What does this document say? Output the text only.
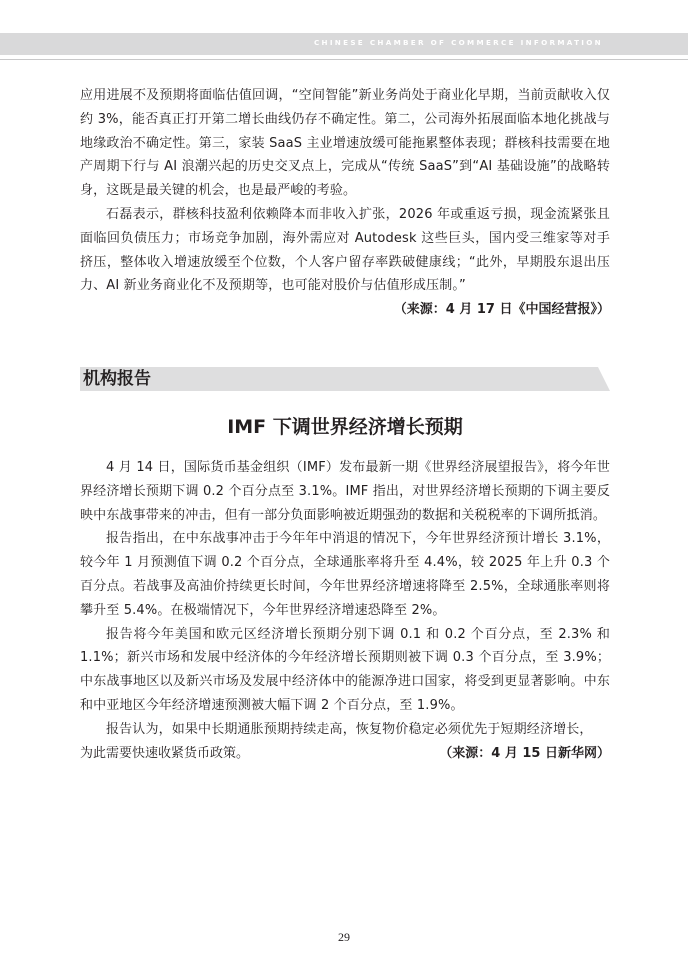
CHINESE CHAMBER OF COMMERCE INFORMATION

应用进展不及预期将面临估值回调，“空间智能”新业务尚处于商业化早期，当前贡献收入仅约 3%，能否真正打开第二增长曲线仍存不确定性。第二，公司海外拓展面临本地化挑战与地缘政治不确定性。第三，家装 SaaS 主业增速放缓可能拖累整体表现；群核科技需要在地产周期下行与 AI 浪潮兴起的历史交叉点上，完成从“传统 SaaS”到“AI 基础设施”的战略转身，这既是最关键的机会，也是最严峻的考验。

石磊表示，群核科技盈利依赖降本而非收入扩张，2026 年或重返亏损，现金流紧张且面临回负债压力；市场竞争加剧，海外需应对 Autodesk 这些巨头，国内受三维家等对手挤压，整体收入增速放缓至个位数，个人客户留存率跌破健康线；“此外，早期股东退出压力、AI 新业务商业化不及预期等，也可能对股价与估值形成压制。”

（来源：4 月 17 日《中国经营报》）
机构报告
IMF 下调世界经济增长预期

4 月 14 日，国际货币基金组织（IMF）发布最新一期《世界经济展望报告》，将今年世界经济增长预期下调 0.2 个百分点至 3.1%。IMF 指出，对世界经济增长预期的下调主要反映中东战事带来的冲击，但有一部分负面影响被近期强劲的数据和关税税率的下调所抵消。

报告指出，在中东战事冲击于今年年中消退的情况下，今年世界经济预计增长 3.1%，较今年 1 月预测值下调 0.2 个百分点，全球通胀率将升至 4.4%，较 2025 年上升 0.3 个百分点。若战事及高油价持续更长时间，今年世界经济增速将降至 2.5%，全球通胀率则将攀升至 5.4%。在极端情况下，今年世界经济增速恐降至 2%。

报告将今年美国和欧元区经济增长预期分别下调 0.1 和 0.2 个百分点，至 2.3% 和 1.1%；新兴市场和发展中经济体的今年经济增长预期则被下调 0.3 个百分点，至 3.9%；中东战事地区以及新兴市场及发展中经济体中的能源净进口国家，将受到更显著影响。中东和中亚地区今年经济增速预测被大幅下调 2 个百分点，至 1.9%。

报告认为，如果中长期通胀预期持续走高，恢复物价稳定必须优先于短期经济增长，

为此需要快速收紧货币政策。	（来源：4 月 15 日新华网）
29
